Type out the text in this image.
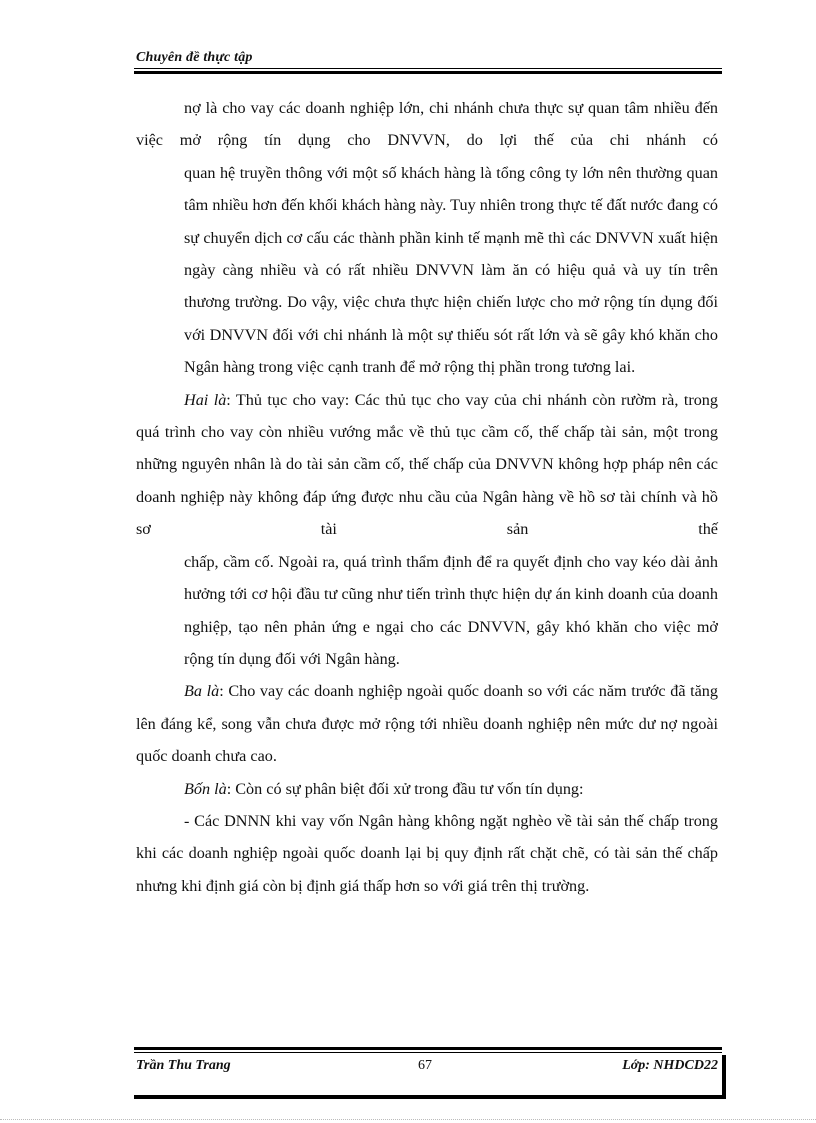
Chuyên đề thực tập

nợ là cho vay các doanh nghiệp lớn, chi nhánh chưa thực sự quan tâm nhiều đến việc mở rộng tín dụng cho DNVVN, do lợi thế của chi nhánh có

quan hệ truyền thông với một số khách hàng là tổng công ty lớn nên thường quan tâm nhiều hơn đến khối khách hàng này. Tuy nhiên trong thực tế đất nước đang có sự chuyển dịch cơ cấu các thành phần kinh tế mạnh mẽ thì các DNVVN xuất hiện ngày càng nhiều và có rất nhiều DNVVN làm ăn có hiệu quả và uy tín trên thương trường. Do vậy, việc chưa thực hiện chiến lược cho mở rộng tín dụng đối với DNVVN đối với chi nhánh là một sự thiếu sót rất lớn và sẽ gây khó khăn cho Ngân hàng trong việc cạnh tranh để mở rộng thị phần trong tương lai.

Hai là: Thủ tục cho vay: Các thủ tục cho vay của chi nhánh còn rườm rà, trong quá trình cho vay còn nhiều vướng mắc về thủ tục cầm cố, thế chấp tài sản, một trong những nguyên nhân là do tài sản cầm cố, thế chấp của DNVVN không hợp pháp nên các doanh nghiệp này không đáp ứng được nhu cầu của Ngân hàng về hồ sơ tài chính và hồ sơ tài sản thế

chấp, cầm cố. Ngoài ra, quá trình thẩm định để ra quyết định cho vay kéo dài ảnh hưởng tới cơ hội đầu tư cũng như tiến trình thực hiện dự án kinh doanh của doanh nghiệp, tạo nên phản ứng e ngại cho các DNVVN, gây khó khăn cho việc mở rộng tín dụng đối với Ngân hàng.

Ba là: Cho vay các doanh nghiệp ngoài quốc doanh so với các năm trước đã tăng lên đáng kể, song vẫn chưa được mở rộng tới nhiều doanh nghiệp nên mức dư nợ ngoài quốc doanh chưa cao.

Bốn là: Còn có sự phân biệt đối xử trong đầu tư vốn tín dụng:

- Các DNNN khi vay vốn Ngân hàng không ngặt nghèo về tài sản thế chấp trong khi các doanh nghiệp ngoài quốc doanh lại bị quy định rất chặt chẽ, có tài sản thế chấp nhưng khi định giá còn bị định giá thấp hơn so với giá trên thị trường.

Trần Thu Trang	67	Lớp: NHDCD22
